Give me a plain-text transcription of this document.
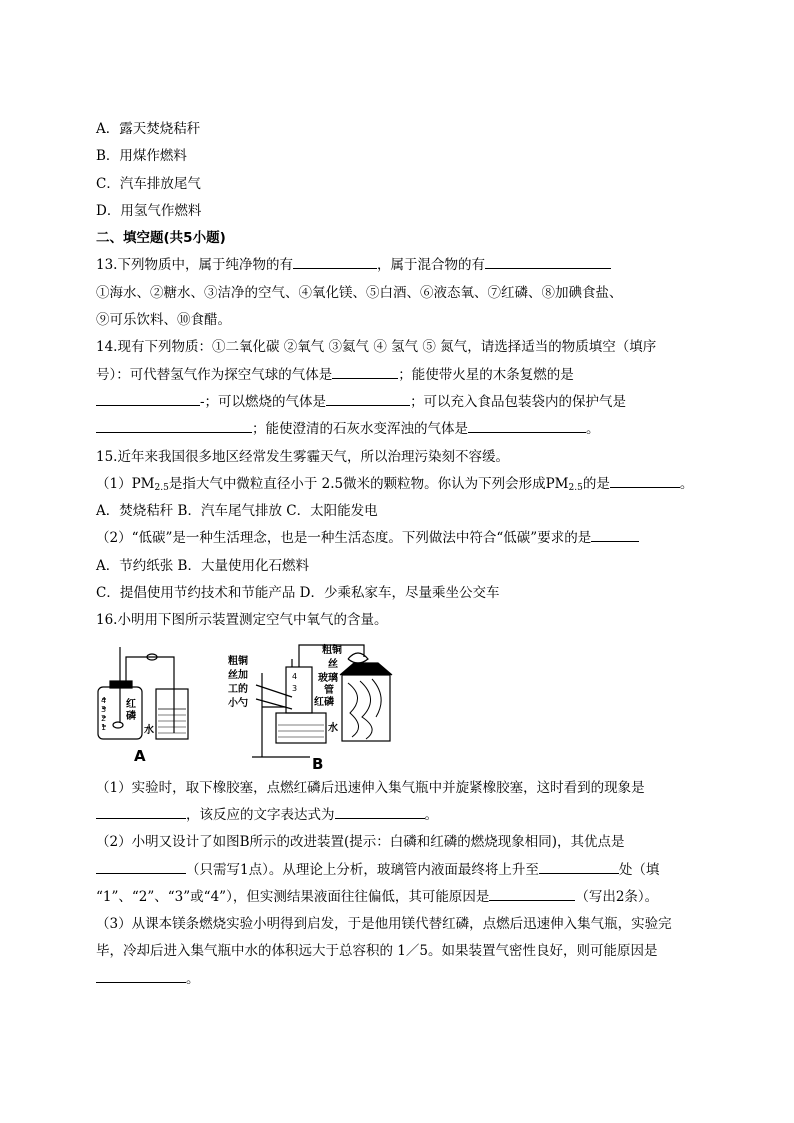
A．露天焚烧秸秆
B．用煤作燃料
C．汽车排放尾气
D．用氢气作燃料
二、填空题(共5小题)
13.下列物质中，属于纯净物的有	，属于混合物的有
①海水、②糖水、③洁净的空气、④氧化镁、⑤白酒、⑥液态氧、⑦红磷、⑧加碘食盐、
⑨可乐饮料、⑩食醋。
14.现有下列物质：①二氧化碳 ②氧气 ③氦气 ④ 氢气 ⑤ 氮气，请选择适当的物质填空（填序
号）：可代替氢气作为探空气球的气体是	；能使带火星的木条复燃的是
-；可以燃烧的气体是	；可以充入食品包装袋内的保护气是
；能使澄清的石灰水变浑浊的气体是	。
15.近年来我国很多地区经常发生雾霾天气，所以治理污染刻不容缓。
$(1)PM_{2.5}$是指大气中微粒直径小于 2.5微米的颗粒物。你认为下列会形成$PM_{2.5}$的是	。
A．焚烧秸秆 B．汽车尾气排放 C．太阳能发电
（2）“低碳”是一种生活理念，也是一种生活态度。下列做法中符合“低碳”要求的是
A．节约纸张 B．大量使用化石燃料
C．提倡使用节约技术和节能产品 D．少乘私家车，尽量乘坐公交车
16.小明用下图所示装置测定空气中氧气的含量。
4
3
2
1
红
磷
水
A
粗铜
丝加
工的
小勺
4
3
粗铜
丝
玻璃
管
红磷
水
B
（1）实验时，取下橡胶塞，点燃红磷后迅速伸入集气瓶中并旋紧橡胶塞，这时看到的现象是
，该反应的文字表达式为	。
（2）小明又设计了如图B所示的改进装置(提示：白磷和红磷的燃烧现象相同)，其优点是
（只需写1点）。从理论上分析，玻璃管内液面最终将上升至	处（填
“1”、“2”、“3”或“4”），但实测结果液面往往偏低，其可能原因是	（写出2条）。
（3）从课本镁条燃烧实验小明得到启发，于是他用镁代替红磷，点燃后迅速伸入集气瓶，实验完
毕，冷却后进入集气瓶中水的体积远大于总容积的 1／5。如果装置气密性良好，则可能原因是
。
